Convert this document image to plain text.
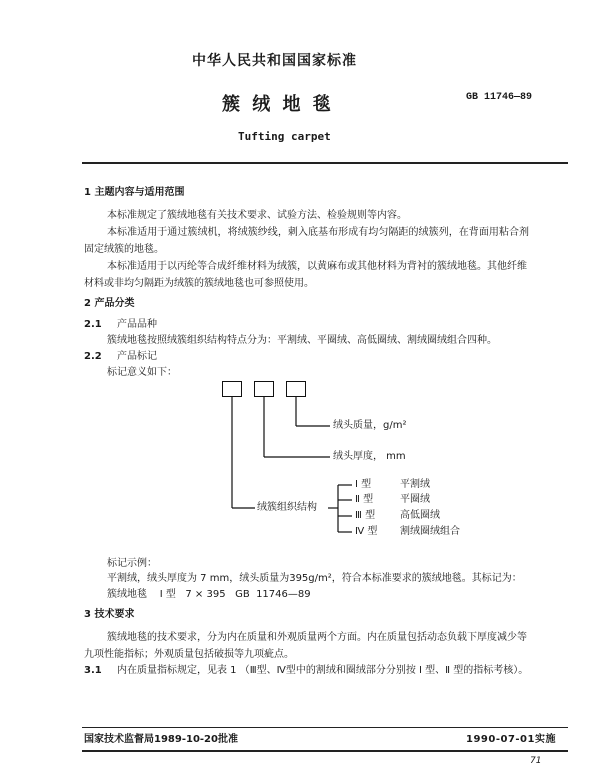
中华人民共和国国家标准
簇 绒 地 毯	GB 11746—89
Tufting carpet
1 主题内容与适用范围
本标准规定了簇绒地毯有关技术要求、试验方法、检验规则等内容。
本标准适用于通过簇绒机，将绒簇纱线，刺入底基布形成有均匀隔距的绒簇列，在背面用粘合剂
固定绒簇的地毯。
本标准适用于以丙纶等合成纤维材料为绒簇，以黄麻布或其他材料为背衬的簇绒地毯。其他纤维
材料或非均匀隔距为绒簇的簇绒地毯也可参照使用。
2 产品分类
2.1 产品品种
簇绒地毯按照绒簇组织结构特点分为：平割绒、平圈绒、高低圈绒、割绒圈绒组合四种。
2.2 产品标记
标记意义如下：
绒头质量，g/m²
绒头厚度， mm
绒簇组织结构
Ⅰ 型	平割绒
Ⅱ 型	平圈绒
Ⅲ 型 高低圈绒
Ⅳ 型 割绒圈绒组合
标记示例：
平割绒，绒头厚度为 7 mm，绒头质量为395g/m²，符合本标准要求的簇绒地毯。其标记为：
簇绒地毯    Ⅰ 型   7 × 395   GB  11746—89
3 技术要求
簇绒地毯的技术要求，分为内在质量和外观质量两个方面。内在质量包括动态负载下厚度减少等
九项性能指标；外观质量包括破损等九项疵点。
3.1 内在质量指标规定，见表 1 （Ⅲ型、Ⅳ型中的割绒和圈绒部分分别按 Ⅰ 型、Ⅱ 型的指标考核）。
国家技术监督局1989-10-20批准	1990-07-01实施
71
